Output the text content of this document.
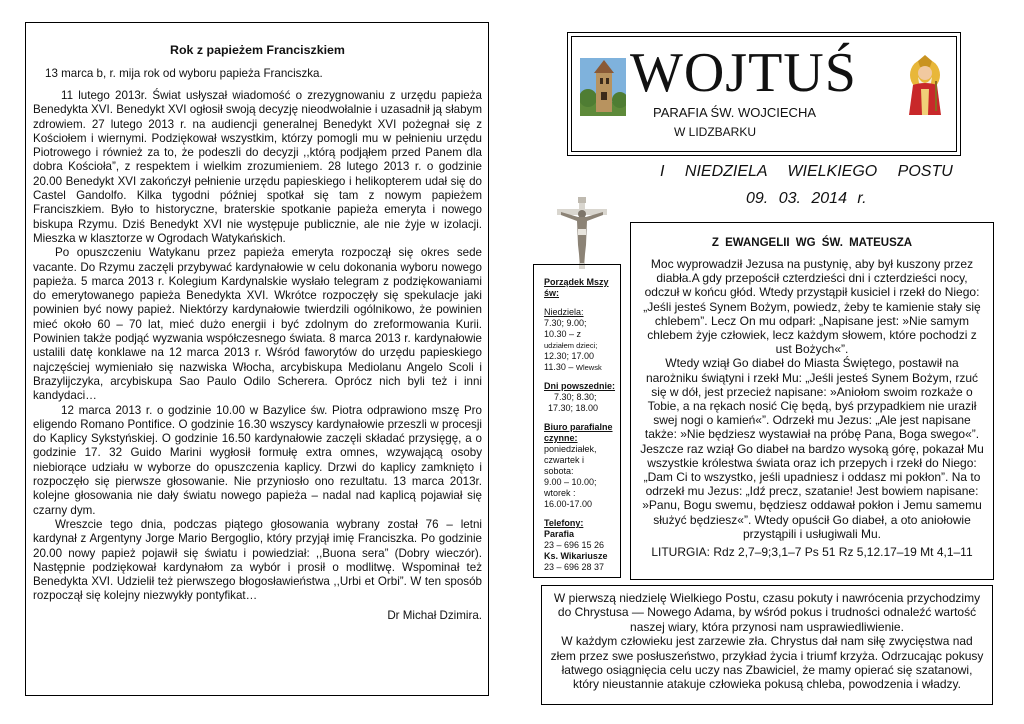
Rok z papieżem Franciszkiem

13 marca b, r. mija rok od wyboru papieża Franciszka.

11 lutego 2013r. Świat usłyszał wiadomość o zrezygnowaniu z urzędu papieża Benedykta XVI. Benedykt XVI ogłosił swoją decyzję nieodwołalnie i uzasadnił ją słabym zdrowiem. 27 lutego 2013 r. na audiencji generalnej Benedykt XVI pożegnał się z Kościołem i wiernymi. Podziękował wszystkim, którzy pomogli mu w pełnieniu urzędu Piotrowego i również za to, że podeszli do decyzji ,,którą podjąłem przed Panem dla dobra Kościoła”, z respektem i wielkim zrozumieniem. 28 lutego 2013 r. o godzinie 20.00 Benedykt XVI zakończył pełnienie urzędu papieskiego i helikopterem udał się do Castel Gandolfo. Kilka tygodni później spotkał się tam z nowym papieżem Franciszkiem. Było to historyczne, braterskie spotkanie papieża emeryta i nowego biskupa Rzymu. Dziś Benedykt XVI nie występuje publicznie, ale nie żyje w izolacji. Mieszka w klasztorze w Ogrodach Watykańskich.

Po opuszczeniu Watykanu przez papieża emeryta rozpoczął się okres sede vacante. Do Rzymu zaczęli przybywać kardynałowie w celu dokonania wyboru nowego papieża. 5 marca 2013 r. Kolegium Kardynalskie wysłało telegram z podziękowaniami do emerytowanego papieża Benedykta XVI. Wkrótce rozpoczęły się spekulacje jaki powinien być nowy papież. Niektórzy kardynałowie twierdzili ogólnikowo, że powinien mieć około 60 – 70 lat, mieć dużo energii i być zdolnym do zreformowania Kurii. Powinien także podjąć wyzwania współczesnego świata. 8 marca 2013 r. kardynałowie ustalili datę konklawe na 12 marca 2013 r. Wśród faworytów do urzędu papieskiego najczęściej wymieniało się nazwiska Włocha, arcybiskupa Mediolanu Angelo Scoli i Brazylijczyka, arcybiskupa Sao Paulo Odilo Scherera. Oprócz nich byli też i inni kandydaci…

12 marca 2013 r. o godzinie 10.00 w Bazylice św. Piotra odprawiono mszę Pro eligendo Romano Pontifice. O godzinie 16.30 wszyscy kardynałowie przeszli w procesji do Kaplicy Sykstyńskiej. O godzinie 16.50 kardynałowie zaczęli składać przysięgę, a o godzinie 17. 32 Guido Marini wygłosił formułę extra omnes, wzywającą osoby niebiorące udziału w wyborze do opuszczenia kaplicy. Drzwi do kaplicy zamknięto i rozpoczęło się pierwsze głosowanie. Nie przyniosło ono rezultatu. 13 marca 2013r. kolejne głosowania nie dały światu nowego papieża – nadal nad kaplicą pojawiał się czarny dym.

Wreszcie tego dnia, podczas piątego głosowania wybrany został 76 – letni kardynał z Argentyny Jorge Mario Bergoglio, który przyjął imię Franciszka. Po godzinie 20.00 nowy papież pojawił się światu i powiedział: ,,Buona sera” (Dobry wieczór). Następnie podziękował kardynałom za wybór i prosił o modlitwę. Wspominał też Benedykta XVI. Udzielił też pierwszego błogosławieństwa ,,Urbi et Orbi”. W ten sposób rozpoczął się kolejny niezwykły pontyfikat…

Dr Michał Dzimira.

WOJTUŚ
PARAFIA ŚW. WOJCIECHA
W LIDZBARKU
I NIEDZIELA WIELKIEGO POSTU
09. 03. 2014 r.
Porządek Mszy św:
Niedziela:
7.30; 9.00;
10.30 – z
udziałem dzieci;
12.30; 17.00
11.30 – Wlewsk
Dni powszednie:
7.30; 8.30;
17.30; 18.00
Biuro parafialne czynne:
poniedziałek,
czwartek i
sobota:
9.00 – 10.00;
wtorek :
16.00-17.00
Telefony:
Parafia
23 – 696 15 26
Ks. Wikariusze
23 – 696 28 37
Z EWANGELII WG ŚW. MATEUSZA
Moc wyprowadził Jezusa na pustynię, aby był kuszony przez diabła.A gdy przepościł czterdzieści dni i czterdzieści nocy, odczuł w końcu głód. Wtedy przystąpił kusiciel i rzekł do Niego: „Jeśli jesteś Synem Bożym, powiedz, żeby te kamienie stały się chlebem”. Lecz On mu odparł: „Napisane jest: »Nie samym chlebem żyje człowiek, lecz każdym słowem, które pochodzi z ust Bożych«”.
Wtedy wziął Go diabeł do Miasta Świętego, postawił na narożniku świątyni i rzekł Mu: „Jeśli jesteś Synem Bożym, rzuć się w dół, jest przecież napisane: »Aniołom swoim rozkaże o Tobie, a na rękach nosić Cię będą, byś przypadkiem nie uraził swej nogi o kamień«”. Odrzekł mu Jezus: „Ale jest napisane także: »Nie będziesz wystawiał na próbę Pana, Boga swego«”. Jeszcze raz wziął Go diabeł na bardzo wysoką górę, pokazał Mu wszystkie królestwa świata oraz ich przepych i rzekł do Niego: „Dam Ci to wszystko, jeśli upadniesz i oddasz mi pokłon”. Na to odrzekł mu Jezus: „Idź precz, szatanie! Jest bowiem napisane: »Panu, Bogu swemu, będziesz oddawał pokłon i Jemu samemu służyć będziesz«”. Wtedy opuścił Go diabeł, a oto aniołowie przystąpili i usługiwali Mu.
LITURGIA: Rdz 2,7–9;3,1–7 Ps 51 Rz 5,12.17–19 Mt 4,1–11

W pierwszą niedzielę Wielkiego Postu, czasu pokuty i nawrócenia przychodzimy do Chrystusa — Nowego Adama, by wśród pokus i trudności odnaleźć wartość naszej wiary, która przynosi nam usprawiedliwienie.

W każdym człowieku jest zarzewie zła. Chrystus dał nam siłę zwycięstwa nad złem przez swe posłuszeństwo, przykład życia i triumf krzyża. Odrzucając pokusy łatwego osiągnięcia celu uczy nas Zbawiciel, że mamy opierać się szatanowi, który nieustannie atakuje człowieka pokusą chleba, powodzenia i władzy.
